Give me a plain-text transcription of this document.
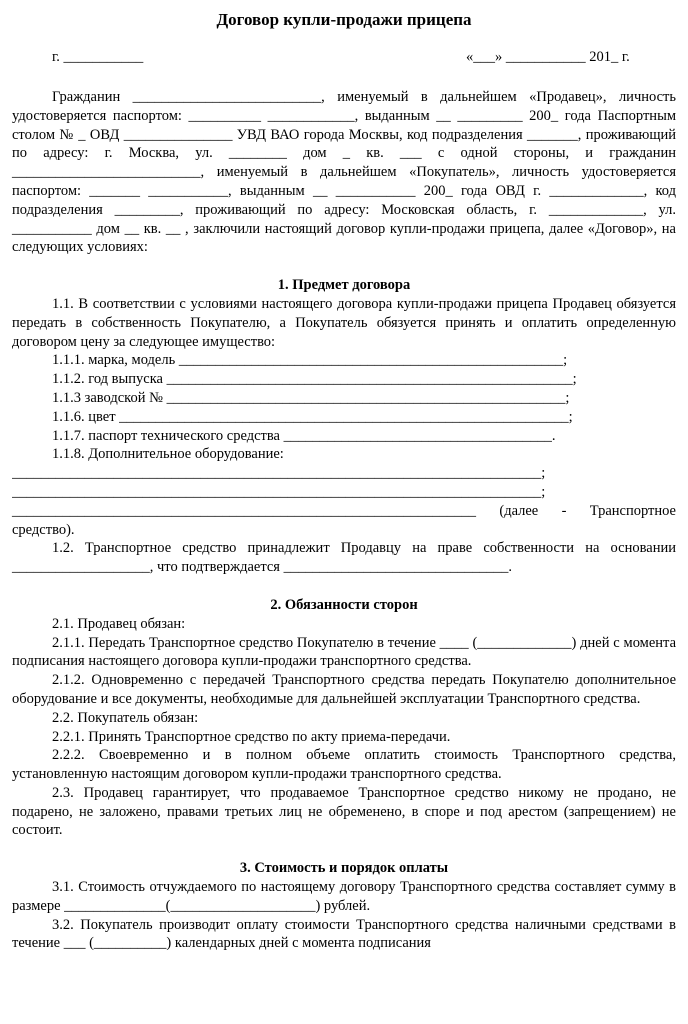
Договор купли-продажи прицепа
г. ___________	«___» ___________ 201_ г.

Гражданин __________________________, именуемый в дальнейшем «Продавец», личность удостоверяется паспортом: __________ ____________, выданным __ _________ 200_ года Паспортным столом № _ ОВД _______________ УВД ВАО города Москвы, код подразделения _______, проживающий по адресу: г. Москва, ул. ________ дом _ кв. ___ с одной стороны, и гражданин __________________________, именуемый в дальнейшем «Покупатель», личность удостоверяется паспортом: _______ ___________, выданным __ ___________ 200_ года ОВД г. _____________, код подразделения _________, проживающий по адресу: Московская область, г. _____________, ул. ___________ дом __ кв. __ , заключили настоящий договор купли-продажи прицепа, далее «Договор», на следующих условиях:

1. Предмет договора

1.1. В соответствии с условиями настоящего договора купли-продажи прицепа Продавец обязуется передать в собственность Покупателю, а Покупатель обязуется принять и оплатить определенную договором цену за следующее имущество:

1.1.1. марка, модель _____________________________________________________;

1.1.2. год выпуска ________________________________________________________;

1.1.3 заводской № _______________________________________________________;

1.1.6. цвет ______________________________________________________________;

1.1.7. паспорт технического средства _____________________________________.

1.1.8. Дополнительное оборудование:

_________________________________________________________________________;

_________________________________________________________________________;

________________________________________________________________ (далее - Транспортное средство).

1.2. Транспортное средство принадлежит Продавцу на праве собственности на основании ___________________, что подтверждается _______________________________.

2. Обязанности сторон

2.1. Продавец обязан:

2.1.1. Передать Транспортное средство Покупателю в течение ____ (_____________) дней с момента подписания настоящего договора купли-продажи транспортного средства.

2.1.2. Одновременно с передачей Транспортного средства передать Покупателю дополнительное оборудование и все документы, необходимые для дальнейшей эксплуатации Транспортного средства.

2.2. Покупатель обязан:

2.2.1. Принять Транспортное средство по акту приема-передачи.

2.2.2. Своевременно и в полном объеме оплатить стоимость Транспортного средства, установленную настоящим договором купли-продажи транспортного средства.

2.3. Продавец гарантирует, что продаваемое Транспортное средство никому не продано, не подарено, не заложено, правами третьих лиц не обременено, в споре и под арестом (запрещением) не состоит.

3. Стоимость и порядок оплаты

3.1. Стоимость отчуждаемого по настоящему договору Транспортного средства составляет сумму в размере ______________(____________________) рублей.

3.2. Покупатель производит оплату стоимости Транспортного средства наличными средствами в течение ___ (__________) календарных дней с момента подписания
